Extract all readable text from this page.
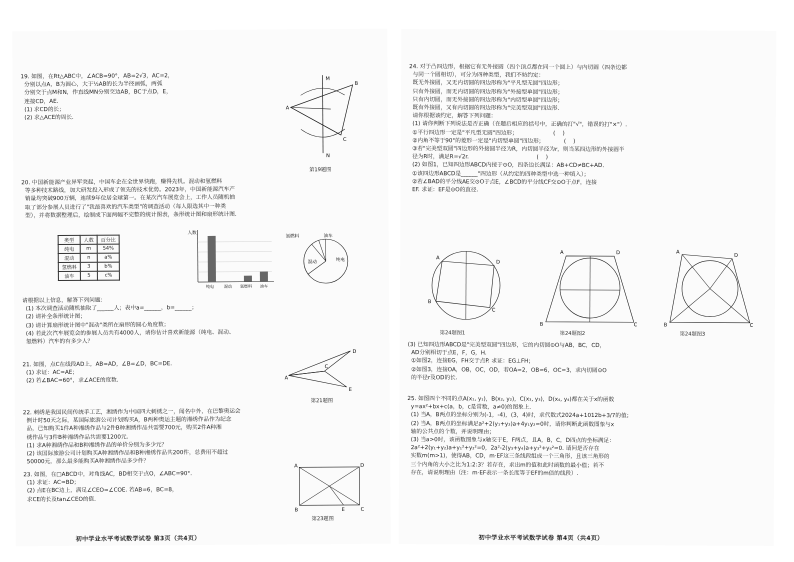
19. 如图，在Rt△ABC中，∠ACB=90°，AB=2√3，AC=2，
分别以点A，B为圆心，大于½AB的长为半径画弧，两弧
分别交于点M和N，作直线MN分别交边AB，BC于点D，E，
连接CD，AE.
(1) 求CD的长；
(2) 求△ACE的周长.
A
B
C
M
N
第19题图
20. 中国新能源产业异军突起，中国车企在全世界快跑，赚得先机。混动和氢燃料
等多种技术路线，加大研发投入形成了领先的技术优势。2023年，中国新能源汽车产
销量均突破900万辆，连续9年位居全球第一。在某次汽车展览会上，工作人员随机抽
取了部分参展人员进行了"我最喜欢的汽车类型"的调查活动（每人限选其中一种类
型），并将数据整理后，绘制成下面两幅不完整的统计图表，条形统计图和扇形统计图.
类型	人数	百分比
纯电	m	54%
混动	n	a%
氢燃料	3	b%
油车	5	c%
人数
纯电 混动 氢燃料 油车
氢燃料
纯电
混动
油车
请根据以上信息，解答下列问题：
(1) 本次调查活动随机抽取了______人；表中a=______，b=______；
(2) 请补全条形统计图；
(3) 请计算扇形统计图中"混动"类所在扇形的圆心角度数；
(4) 若此次汽车展览会的参展人员共有4000人，请你估计喜欢新能源（纯电、混动、
氢燃料）汽车的有多少人？
21. 如图，点C在线段AD上，AB=AD，∠B=∠D，BC=DE.
(1) 求证：AC=AE；
(2) 若∠BAC=60°，求∠ACE的度数.	A
D
E
C
第21题图
22. 刺绣是我国民间传统手工艺，湘绣作为中国四大刺绣之一，闻名中外，在巴黎奥运会
倒计时50天之际，某国际旅游公司计划购买A，B两种奥运主题的湘绣作品作为纪念
品，已知购买1件A种湘绣作品与2件B种湘绣作品共需要700元，购买2件A种湘
绣作品与3件B种湘绣作品共需要1200元.
(1) 求A种湘绣作品和B种湘绣作品的单价分别为多少元？
(2) 该国际旅游公司计划购买A种湘绣作品和B种湘绣作品共200件，总费用不超过
50000元，那么最多能购买A种湘绣作品多少件？
23. 如图，在□ABCD中，对角线AC，BD相交于点O，∠ABC=90°.
(1) 求证：AC=BD；
(2) 点E在BC边上，满足∠CEO=∠COE. 若AB=6，BC=8，
求CE的长及tan∠CEO的值.
A	D
B	C
E
第23题图
初中学业水平考试数学试卷 第3页（共4页）
24. 对于凸四边形，根据它有无外接圆（四个顶点都在同一个圆上）与内切圆（四条边都
与同一个圆相切），可分为四种类型，我们不妨约定：
既无外接圆，又无内切圆的四边形称为"平凡型无圆"四边形；
只有外接圆，而无内切圆的四边形称为"外接型单圆"四边形；
只有内切圆，而无外接圆的四边形称为"内切型单圆"四边形；
既有外接圆，又有内切圆的四边形称为"完美型双圆"四边形.
请你根据该约定，解答下列问题：
(1) 请你判断下列说法是否正确（在题后相应的括号中，正确的打"√"，错误的打"×"）.
①平行四边形一定是"平凡型无圆"四边形；                    (    )
②内角不等于90°的菱形一定是"内切型单圆"四边形；           (    )
③若"完美型双圆"四边形的外接圆半径为R，内切圆半径为r，则当某四边形的外接圆半
径为R时，满足R=√2r.                                      (    )
(2) 如图1，已知四边形ABCD内接于⊙O，四条边长满足：AB+CD≠BC+AD.
①该四边形ABCD是______"四边形（从约定的四种类型中选一种填入）；
②若∠BAD的平分线AE交⊙O于点E，∠BCD的平分线CF交⊙O于点F，连接
EF. 求证：EF是⊙O的直径.
A
D
B
C
A	D
B	C
A
D
B	C
第24题图1	第24题图2	第24题图3
(3) 已知四边形ABCD是"完美型双圆"四边形，它的内切圆⊙O与AB，BC，CD，
AD分别相切于点E，F，G，H.
①如图2，连接EG，FH交于点P. 求证：EG⊥FH；
②如图3，连接OA，OB，OC，OD，若OA=2，OB=6，OC=3，求内切圆⊙O
的半径r及OD的长.
25. 如图四个不同的点A(x₁, y₁)，B(x₂, y₂)，C(x₃, y₃)，D(x₄, y₄)都在关于x的函数
y=ax²+bx+c(a，b，c是常数，a≠0)的图象上.
(1) 当A，B两点的坐标分别为(-1，-4)，(3，4)时，求代数式2024a+1012b+3/7的值；
(2) 当A，B两点的坐标满足a²+2(y₁+y₂)a+4y₁y₂=0时，请你判断此函数图象与x
轴的公共点的个数，并说明理由；
(3) 当a>0时，该函数图象与x轴交于E，F两点，且A，B，C，D四点的坐标满足：
2a²+2(y₁+y₂)a+y₁²+y₂²=0，2a²-2(y₃+y₄)a+y₃²+y₄²=0. 请问是否存在
实数m(m>1)，使得AB，CD，m·EF这三条线段组成一个三角形，且该三角形的
三个内角的大小之比为1:2:3？若存在，求出m的值和此时函数的最小值；若不
存在，请说明理由（注：m·EF表示一条长度等于EF的m倍的线段）.
初中学业水平考试数学试卷 第4页（共4页）
